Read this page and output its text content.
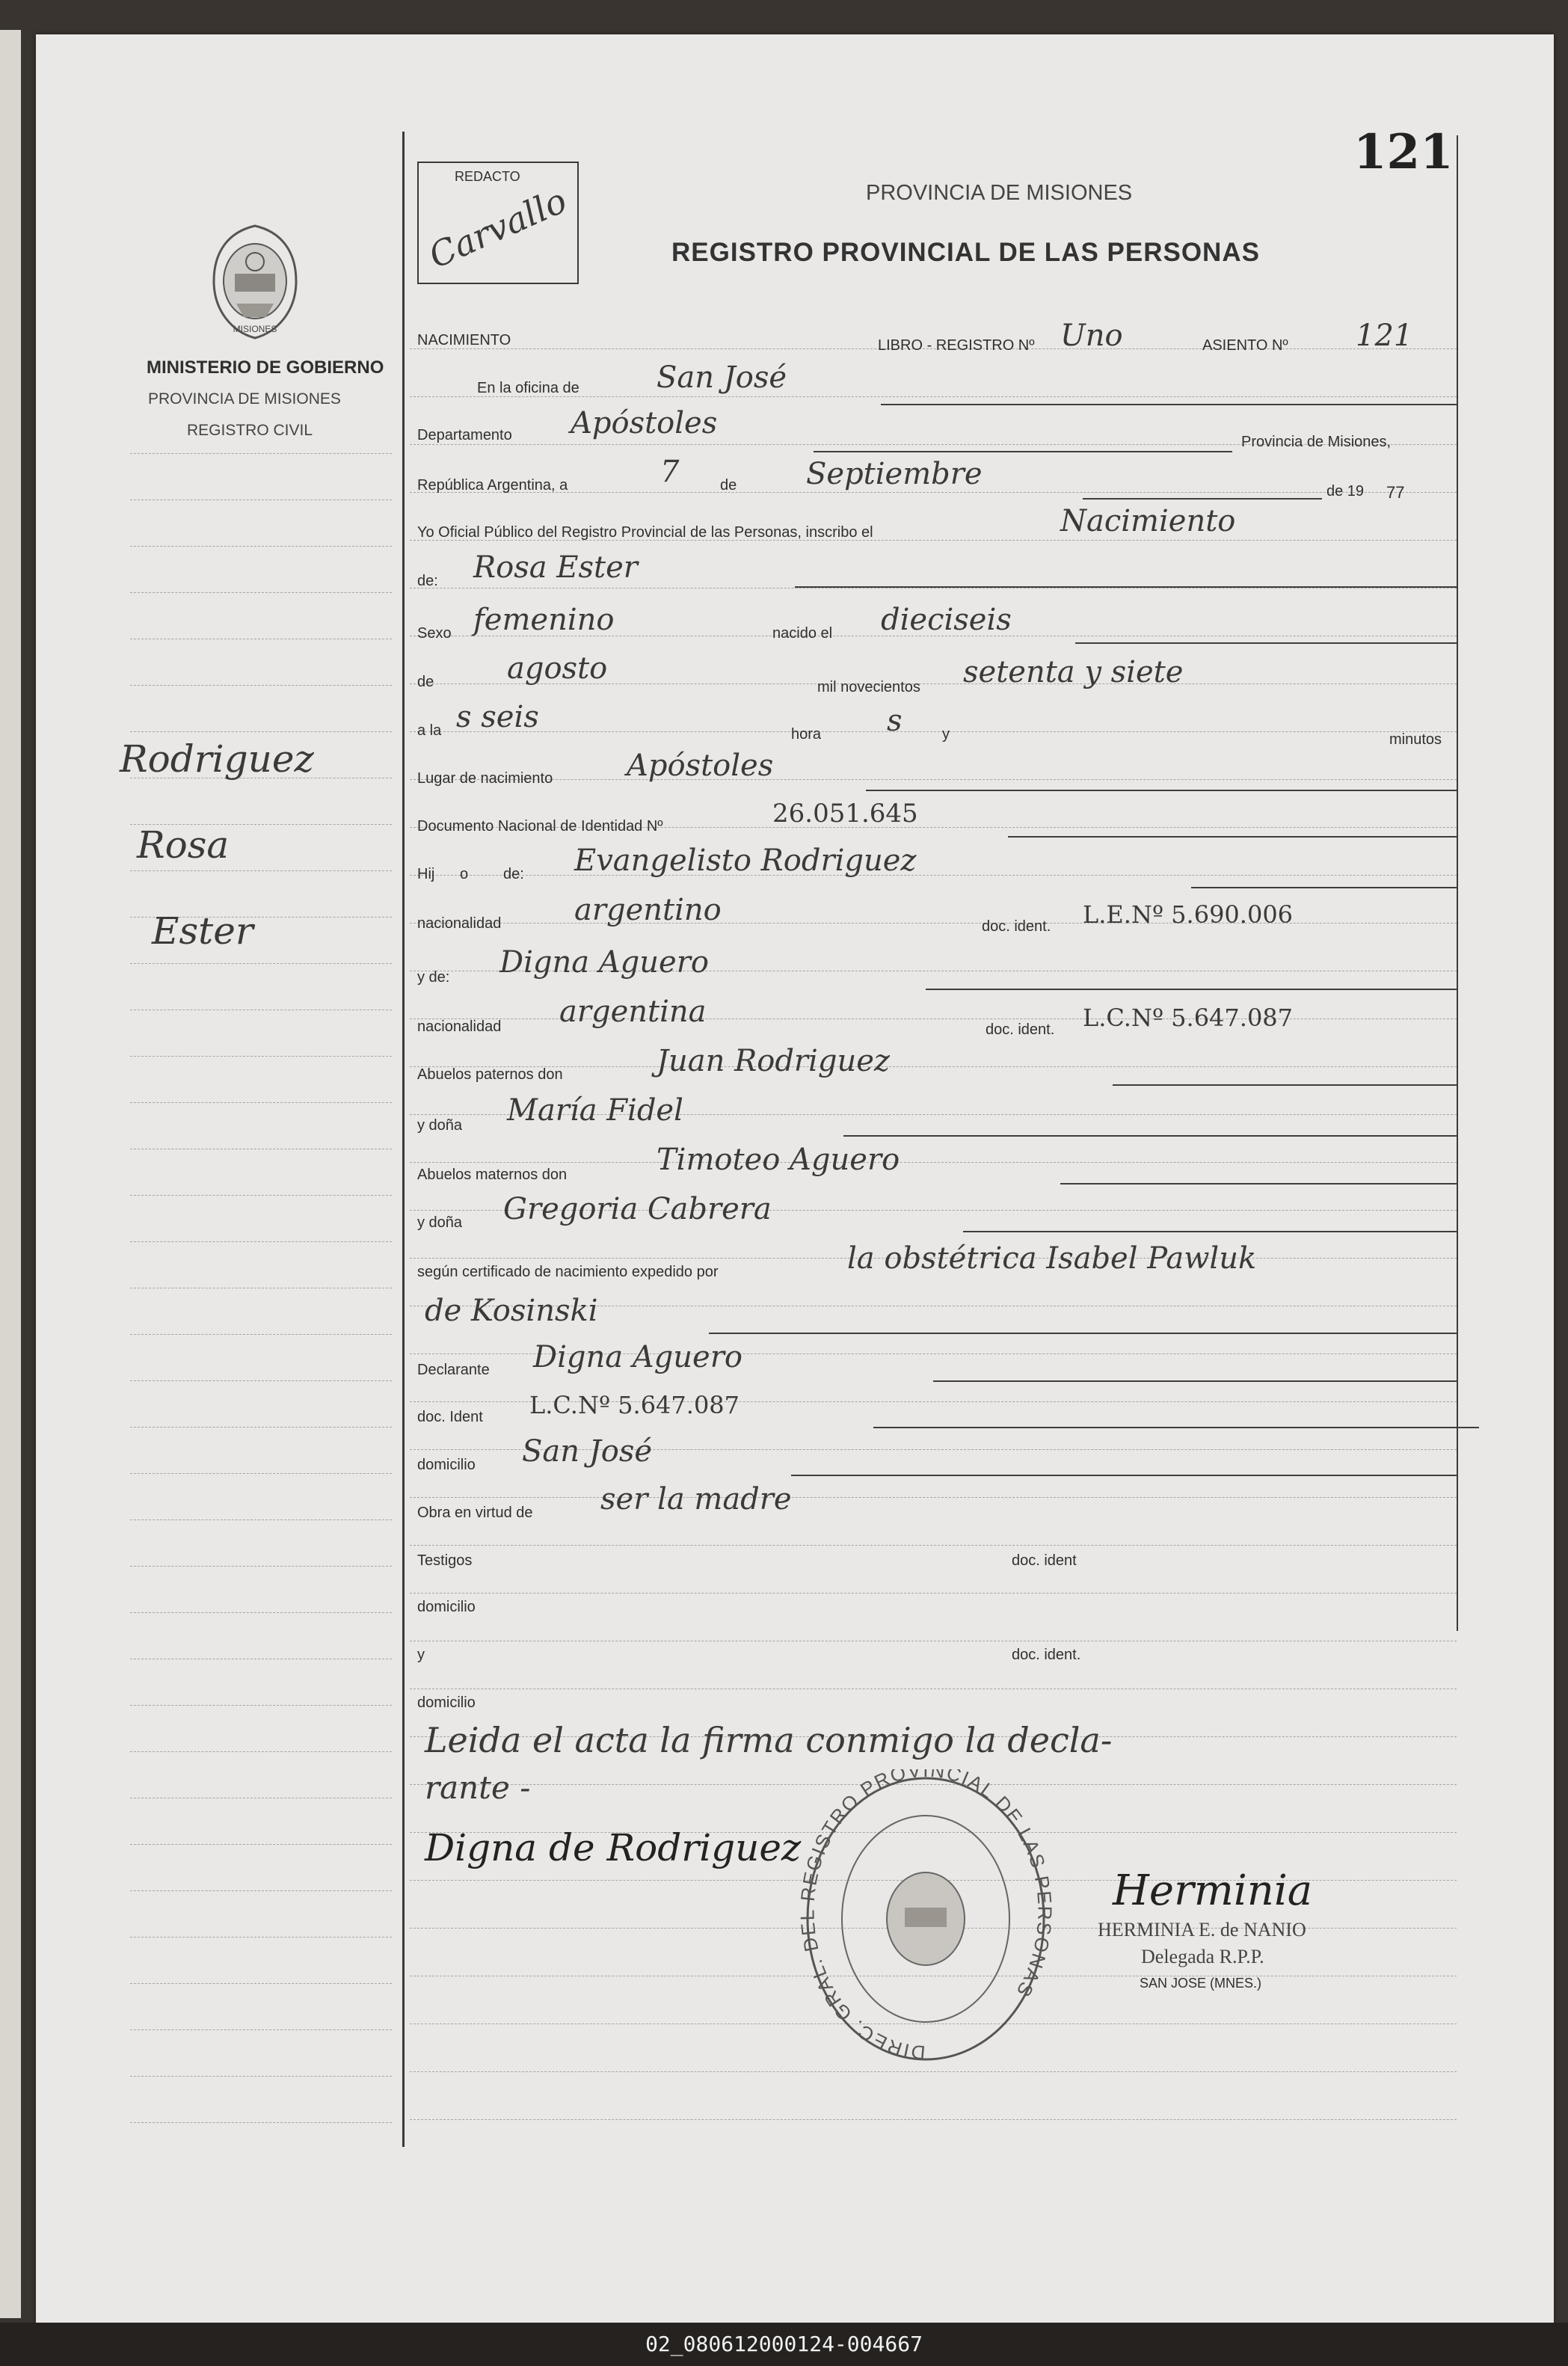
121
REDACTO
Carvallo	PROVINCIA DE MISIONES
REGISTRO PROVINCIAL DE LAS PERSONAS
MISIONES
MINISTERIO DE GOBIERNO
PROVINCIA DE MISIONES
REGISTRO CIVIL
Rodriguez
Rosa
Ester
NACIMIENTO	LIBRO - REGISTRO Nº Uno	ASIENTO Nº 121
En la oficina de	San José
Departamento Apóstoles
Provincia de Misiones,
República Argentina, a	7	de Septiembre	de 19 77
Yo Oficial Público del Registro Provincial de las Personas, inscribo el	Nacimiento
de: Rosa Ester
Sexo femenino	nacido el dieciseis
de agosto
mil novecientos setenta y siete
a la s seis	hora s	y	minutos
Lugar de nacimiento Apóstoles
Documento Nacional de Identidad Nº	26.051.645
Hij o de: Evangelisto Rodriguez
nacionalidad argentino	doc. ident. L.E.Nº 5.690.006
y de: Digna Aguero
nacionalidad argentina
doc. ident. L.C.Nº 5.647.087
Abuelos paternos don	Juan Rodriguez
y doña María Fidel
Abuelos maternos don	Timoteo Aguero
y doña Gregoria Cabrera
según certificado de nacimiento expedido por	la obstétrica Isabel Pawluk
de Kosinski
Declarante Digna Aguero
doc. Ident L.C.Nº 5.647.087
domicilio San José
Obra en virtud de ser la madre
Testigos	doc. ident
domicilio
y	doc. ident.
domicilio
Leida el acta la firma conmigo la decla-
rante -
Digna de Rodriguez
DIREC. GRAL. D EGISTRO PROVINCIAL DE LAS P ONAS
Herminia
HERMINIA E. de NANIO
Delegada R.P.P.
SAN JOSE (MNES.)
02_080612000124-004667
